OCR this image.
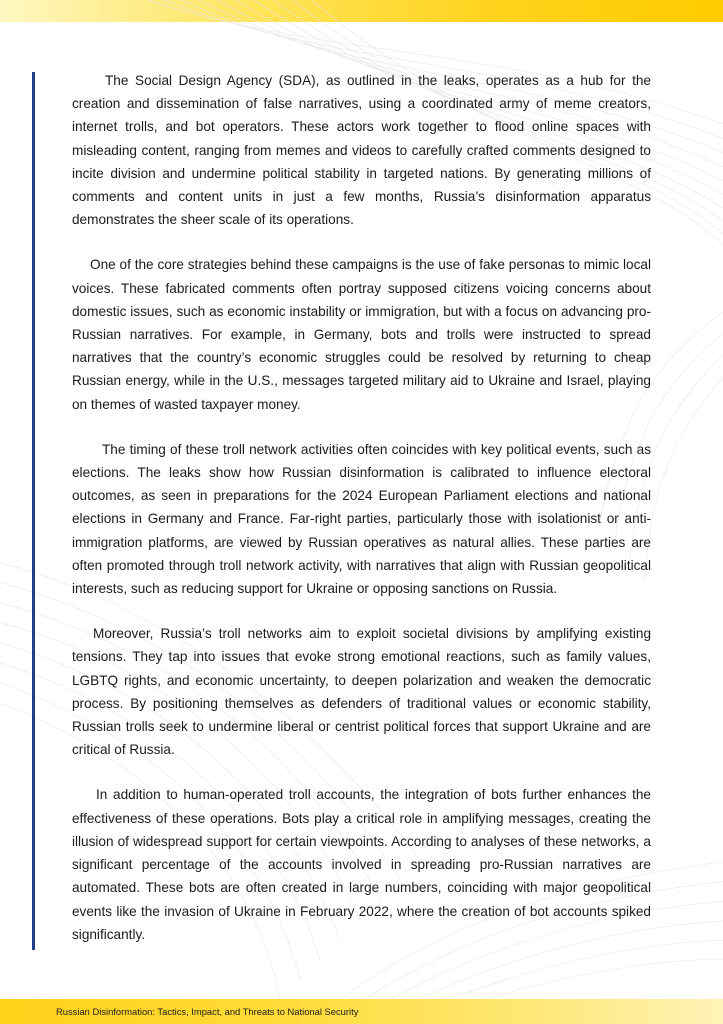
The Social Design Agency (SDA), as outlined in the leaks, operates as a hub for the creation and dissemination of false narratives, using a coordinated army of meme creators, internet trolls, and bot operators. These actors work together to flood online spaces with misleading content, ranging from memes and videos to carefully crafted comments designed to incite division and undermine political stability in targeted nations. By generating millions of comments and content units in just a few months, Russia’s disinformation apparatus demonstrates the sheer scale of its operations.

One of the core strategies behind these campaigns is the use of fake personas to mimic local voices. These fabricated comments often portray supposed citizens voicing concerns about domestic issues, such as economic instability or immigration, but with a focus on advancing pro-Russian narratives. For example, in Germany, bots and trolls were instructed to spread narratives that the country’s economic struggles could be resolved by returning to cheap Russian energy, while in the U.S., messages targeted military aid to Ukraine and Israel, playing on themes of wasted taxpayer money.

The timing of these troll network activities often coincides with key political events, such as elections. The leaks show how Russian disinformation is calibrated to influence electoral outcomes, as seen in preparations for the 2024 European Parliament elections and national elections in Germany and France. Far-right parties, particularly those with isolationist or anti-immigration platforms, are viewed by Russian operatives as natural allies. These parties are often promoted through troll network activity, with narratives that align with Russian geopolitical interests, such as reducing support for Ukraine or opposing sanctions on Russia.

Moreover, Russia’s troll networks aim to exploit societal divisions by amplifying existing tensions. They tap into issues that evoke strong emotional reactions, such as family values, LGBTQ rights, and economic uncertainty, to deepen polarization and weaken the democratic process. By positioning themselves as defenders of traditional values or economic stability, Russian trolls seek to undermine liberal or centrist political forces that support Ukraine and are critical of Russia.

In addition to human-operated troll accounts, the integration of bots further enhances the effectiveness of these operations. Bots play a critical role in amplifying messages, creating the illusion of widespread support for certain viewpoints. According to analyses of these networks, a significant percentage of the accounts involved in spreading pro-Russian narratives are automated. These bots are often created in large numbers, coinciding with major geopolitical events like the invasion of Ukraine in February 2022, where the creation of bot accounts spiked significantly.

Russian Disinformation: Tactics, Impact, and Threats to National Security
